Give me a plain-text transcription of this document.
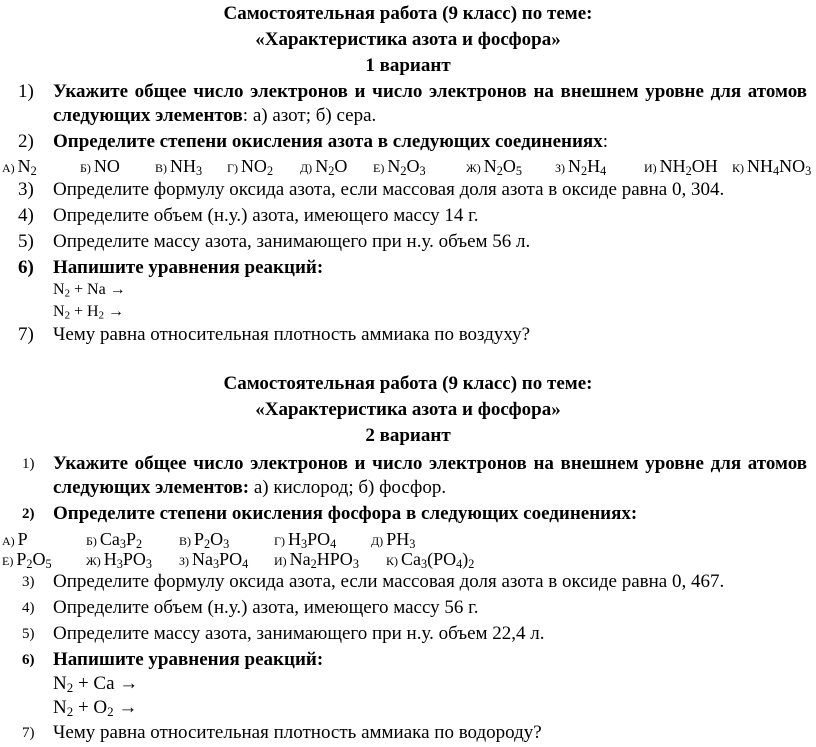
Самостоятельная работа (9 класс) по теме:
«Характеристика азота и фосфора»
1 вариант
1) Укажите общее число электронов и число электронов на внешнем уровне для атомов следующих элементов: а) азот; б) сера.
2) Определите степени окисления азота в следующих соединениях:
А) $N_2$	Б) NO	В) $NH_3$ Г) $NO_2$ Д) $N_2O$ Е) $N_2O_3$	Ж) $N_2O_5$	З) $N_2H_4$	И) $NH_2OH$ К) $NH_4NO_3$
3) Определите формулу оксида азота, если массовая доля азота в оксиде равна 0, 304.
4) Определите объем (н.у.) азота, имеющего массу 14 г.
5) Определите массу азота, занимающего при н.у. объем 56 л.
6) Напишите уравнения реакций:
$N_2 + Na$ →
$N_2 + H_2$ →
7) Чему равна относительная плотность аммиака по воздуху?
Самостоятельная работа (9 класс) по теме:
«Характеристика азота и фосфора»
2 вариант
1) Укажите общее число электронов и число электронов на внешнем уровне для атомов следующих элементов: а) кислород; б) фосфор.
2) Определите степени окисления фосфора в следующих соединениях:
А) P	Б) $Ca_3P_2$	В) $P_2O_3$	Г) $H_3PO_4$	Д) $PH_3$
Е) $P_2O_5$	Ж) $H_3PO_3$ З) $Na_3PO_4$ И) $Na_2HPO_3$ К) $Ca_3(PO_4)_2$
3) Определите формулу оксида азота, если массовая доля азота в оксиде равна 0, 467.
4) Определите объем (н.у.) азота, имеющего массу 56 г.
5) Определите массу азота, занимающего при н.у. объем 22,4 л.
6) Напишите уравнения реакций:
$N_2 + Ca$ →
$N_2 + O_2$ →
7) Чему равна относительная плотность аммиака по водороду?
